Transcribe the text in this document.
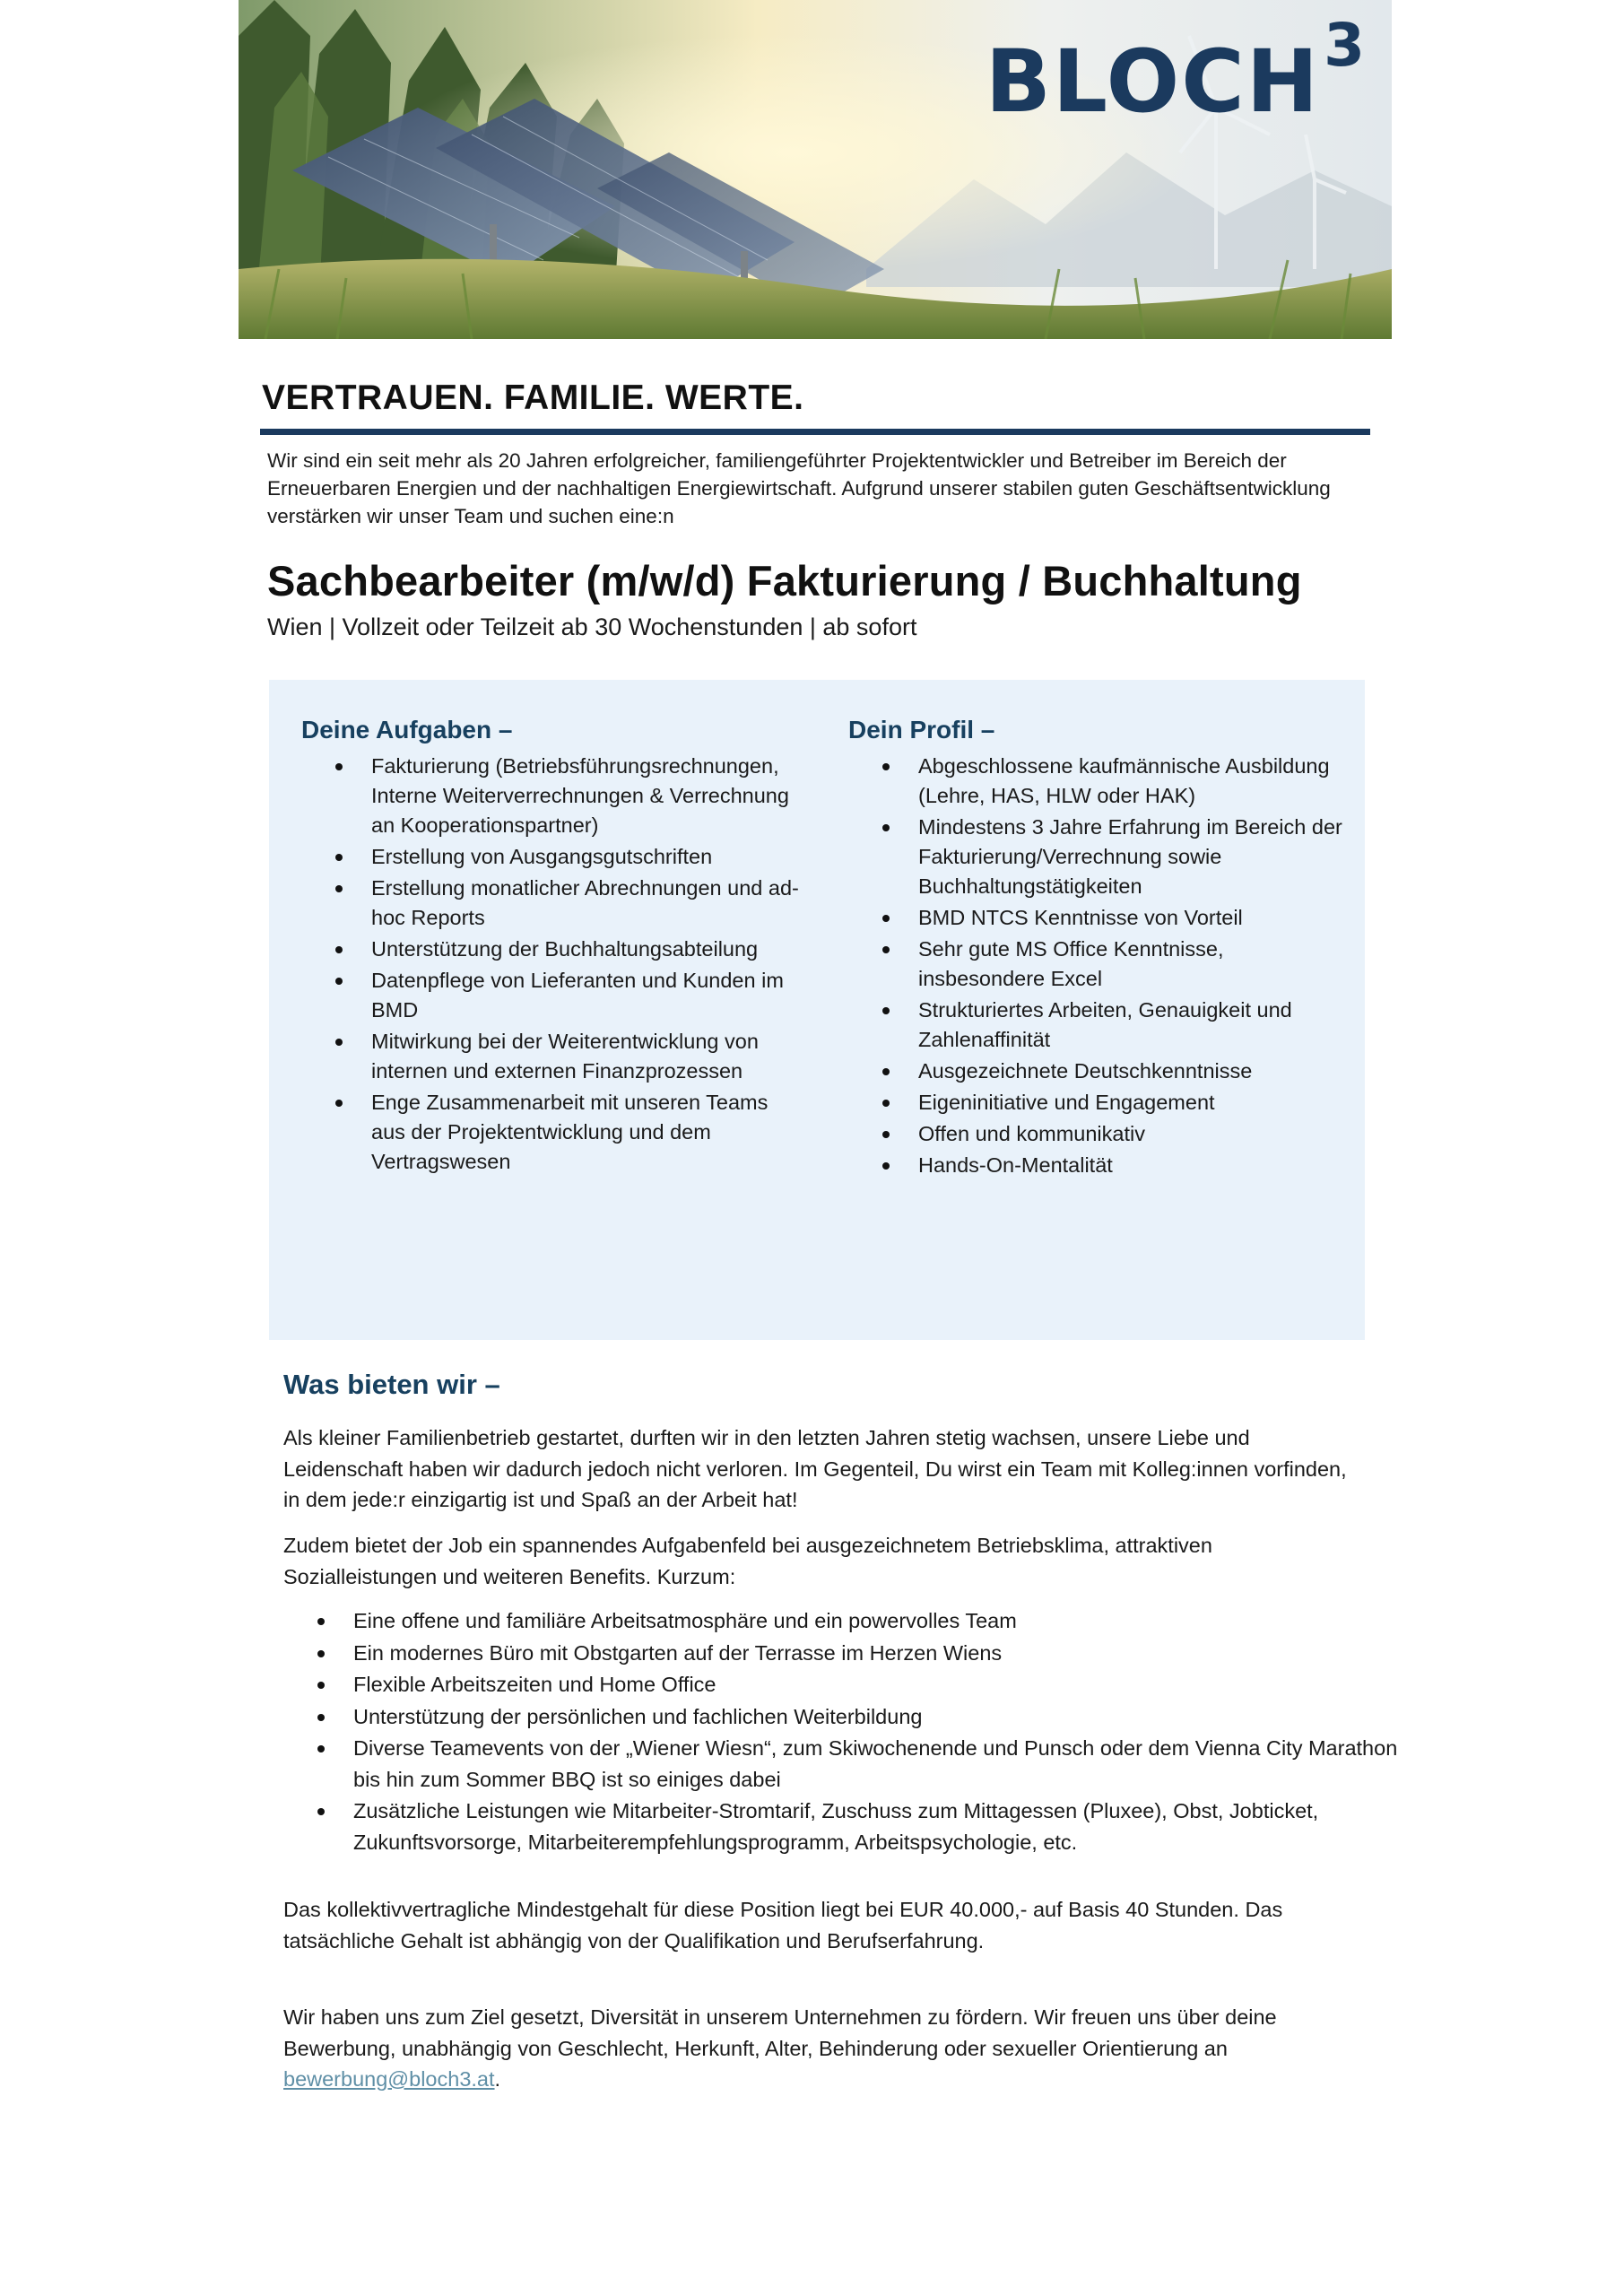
BLOCH$^3$
VERTRAUEN. FAMILIE. WERTE.
Wir sind ein seit mehr als 20 Jahren erfolgreicher, familiengeführter Projektentwickler und Betreiber im Bereich der Erneuerbaren Energien und der nachhaltigen Energiewirtschaft. Aufgrund unserer stabilen guten Geschäftsentwicklung verstärken wir unser Team und suchen eine:n
Sachbearbeiter (m/w/d) Fakturierung / Buchhaltung
Wien | Vollzeit oder Teilzeit ab 30 Wochenstunden | ab sofort
Deine Aufgaben –
Fakturierung (Betriebsführungsrechnungen, Interne Weiterverrechnungen & Verrechnung an Kooperationspartner)
Erstellung von Ausgangsgutschriften
Erstellung monatlicher Abrechnungen und ad-hoc Reports
Unterstützung der Buchhaltungsabteilung
Datenpflege von Lieferanten und Kunden im BMD
Mitwirkung bei der Weiterentwicklung von internen und externen Finanzprozessen
Enge Zusammenarbeit mit unseren Teams aus der Projektentwicklung und dem Vertragswesen
Dein Profil –
Abgeschlossene kaufmännische Ausbildung (Lehre, HAS, HLW oder HAK)
Mindestens 3 Jahre Erfahrung im Bereich der Fakturierung/Verrechnung sowie Buchhaltungstätigkeiten
BMD NTCS Kenntnisse von Vorteil
Sehr gute MS Office Kenntnisse, insbesondere Excel
Strukturiertes Arbeiten, Genauigkeit und Zahlenaffinität
Ausgezeichnete Deutschkenntnisse
Eigeninitiative und Engagement
Offen und kommunikativ
Hands-On-Mentalität
Was bieten wir –
Als kleiner Familienbetrieb gestartet, durften wir in den letzten Jahren stetig wachsen, unsere Liebe und Leidenschaft haben wir dadurch jedoch nicht verloren. Im Gegenteil, Du wirst ein Team mit Kolleg:innen vorfinden, in dem jede:r einzigartig ist und Spaß an der Arbeit hat!
Zudem bietet der Job ein spannendes Aufgabenfeld bei ausgezeichnetem Betriebsklima, attraktiven Sozialleistungen und weiteren Benefits. Kurzum:
Eine offene und familiäre Arbeitsatmosphäre und ein powervolles Team
Ein modernes Büro mit Obstgarten auf der Terrasse im Herzen Wiens
Flexible Arbeitszeiten und Home Office
Unterstützung der persönlichen und fachlichen Weiterbildung
Diverse Teamevents von der „Wiener Wiesn“, zum Skiwochenende und Punsch oder dem Vienna City Marathon bis hin zum Sommer BBQ ist so einiges dabei
Zusätzliche Leistungen wie Mitarbeiter-Stromtarif, Zuschuss zum Mittagessen (Pluxee), Obst, Jobticket, Zukunftsvorsorge, Mitarbeiterempfehlungsprogramm, Arbeitspsychologie, etc.
Das kollektivvertragliche Mindestgehalt für diese Position liegt bei EUR 40.000,- auf Basis 40 Stunden. Das tatsächliche Gehalt ist abhängig von der Qualifikation und Berufserfahrung.
Wir haben uns zum Ziel gesetzt, Diversität in unserem Unternehmen zu fördern. Wir freuen uns über deine Bewerbung, unabhängig von Geschlecht, Herkunft, Alter, Behinderung oder sexueller Orientierung an bewerbung@bloch3.at.
